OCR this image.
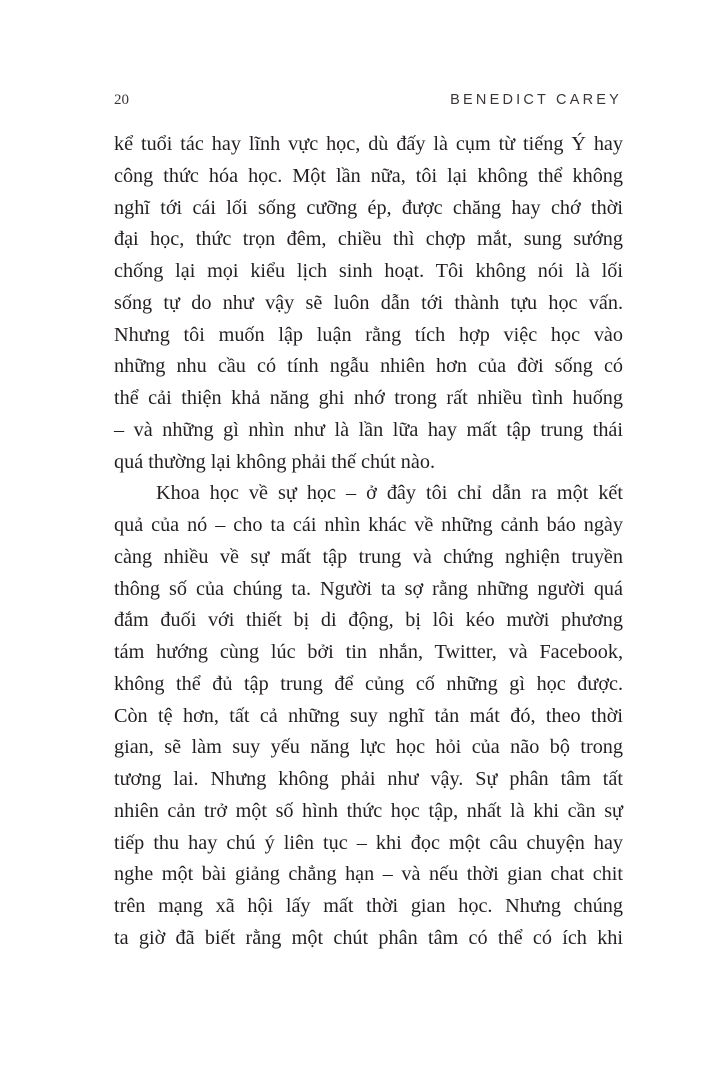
20	BENEDICT CAREY

kể tuổi tác hay lĩnh vực học, dù đấy là cụm từ tiếng Ý hay
công thức hóa học. Một lần nữa, tôi lại không thể không
nghĩ tới cái lối sống cưỡng ép, được chăng hay chớ thời
đại học, thức trọn đêm, chiều thì chợp mắt, sung sướng
chống lại mọi kiểu lịch sinh hoạt. Tôi không nói là lối
sống tự do như vậy sẽ luôn dẫn tới thành tựu học vấn.
Nhưng tôi muốn lập luận rằng tích hợp việc học vào
những nhu cầu có tính ngẫu nhiên hơn của đời sống có
thể cải thiện khả năng ghi nhớ trong rất nhiều tình huống
– và những gì nhìn như là lần lữa hay mất tập trung thái
quá thường lại không phải thế chút nào.

Khoa học về sự học – ở đây tôi chỉ dẫn ra một kết
quả của nó – cho ta cái nhìn khác về những cảnh báo ngày
càng nhiều về sự mất tập trung và chứng nghiện truyền
thông số của chúng ta. Người ta sợ rằng những người quá
đắm đuối với thiết bị di động, bị lôi kéo mười phương
tám hướng cùng lúc bởi tin nhắn, Twitter, và Facebook,
không thể đủ tập trung để củng cố những gì học được.
Còn tệ hơn, tất cả những suy nghĩ tản mát đó, theo thời
gian, sẽ làm suy yếu năng lực học hỏi của não bộ trong
tương lai. Nhưng không phải như vậy. Sự phân tâm tất
nhiên cản trở một số hình thức học tập, nhất là khi cần sự
tiếp thu hay chú ý liên tục – khi đọc một câu chuyện hay
nghe một bài giảng chẳng hạn – và nếu thời gian chat chit
trên mạng xã hội lấy mất thời gian học. Nhưng chúng
ta giờ đã biết rằng một chút phân tâm có thể có ích khi
